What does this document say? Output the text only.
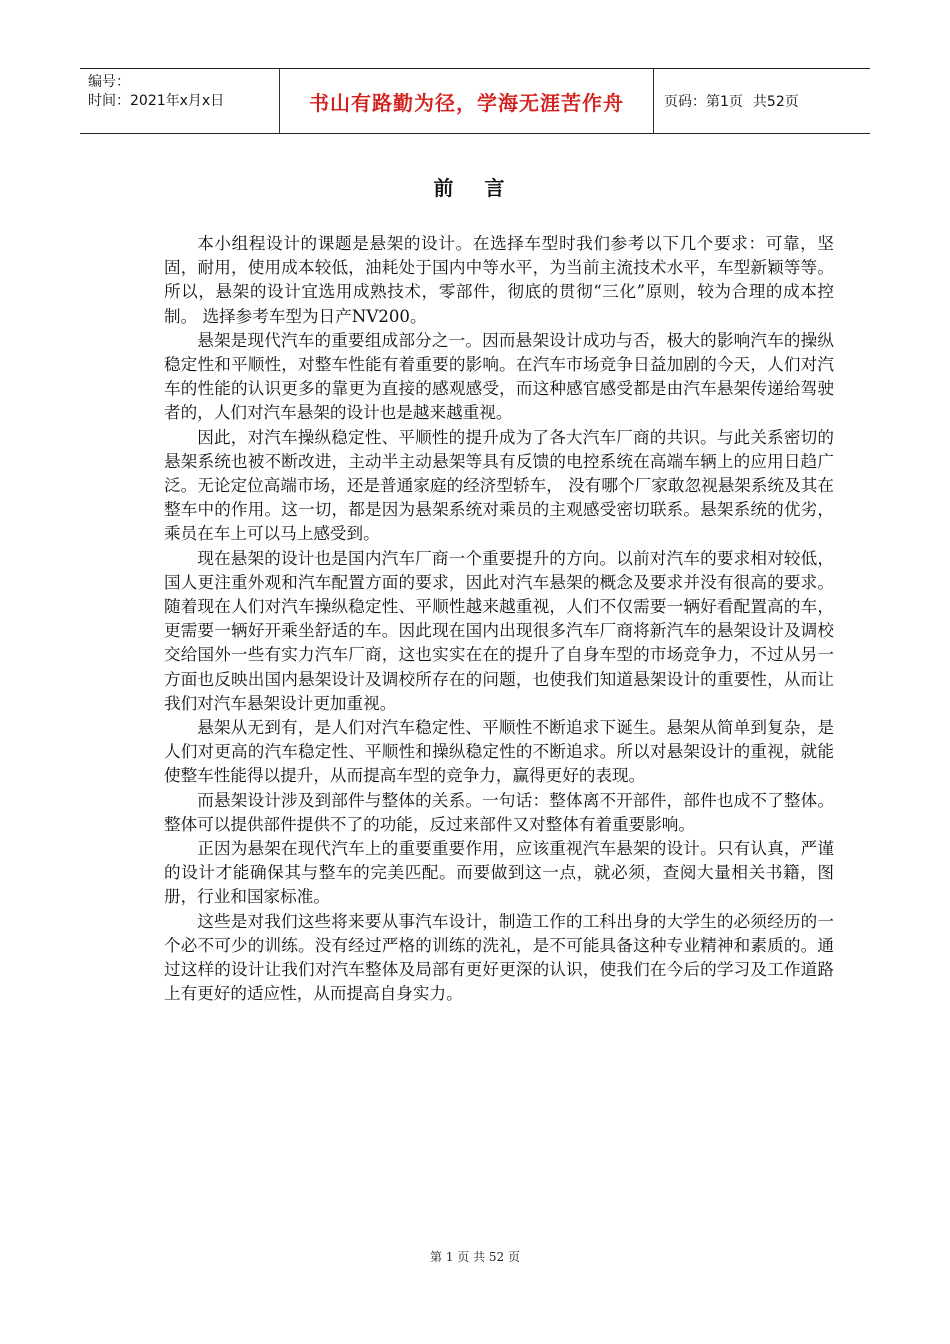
编号：
时间：2021年x月x日	书山有路勤为径，学海无涯苦作舟	页码：第1页 共52页
前 言

本小组程设计的课题是悬架的设计。在选择车型时我们参考以下几个要求：可靠，坚固，耐用，使用成本较低，油耗处于国内中等水平，为当前主流技术水平，车型新颖等等。所以，悬架的设计宜选用成熟技术，零部件，彻底的贯彻“三化”原则，较为合理的成本控制。 选择参考车型为日产NV200。

悬架是现代汽车的重要组成部分之一。因而悬架设计成功与否，极大的影响汽车的操纵稳定性和平顺性，对整车性能有着重要的影响。在汽车市场竞争日益加剧的今天，人们对汽车的性能的认识更多的靠更为直接的感观感受，而这种感官感受都是由汽车悬架传递给驾驶者的，人们对汽车悬架的设计也是越来越重视。

因此，对汽车操纵稳定性、平顺性的提升成为了各大汽车厂商的共识。与此关系密切的悬架系统也被不断改进，主动半主动悬架等具有反馈的电控系统在高端车辆上的应用日趋广泛。无论定位高端市场，还是普通家庭的经济型轿车， 没有哪个厂家敢忽视悬架系统及其在整车中的作用。这一切，都是因为悬架系统对乘员的主观感受密切联系。悬架系统的优劣，乘员在车上可以马上感受到。

现在悬架的设计也是国内汽车厂商一个重要提升的方向。以前对汽车的要求相对较低，国人更注重外观和汽车配置方面的要求，因此对汽车悬架的概念及要求并没有很高的要求。随着现在人们对汽车操纵稳定性、平顺性越来越重视，人们不仅需要一辆好看配置高的车，更需要一辆好开乘坐舒适的车。因此现在国内出现很多汽车厂商将新汽车的悬架设计及调校交给国外一些有实力汽车厂商，这也实实在在的提升了自身车型的市场竞争力，不过从另一方面也反映出国内悬架设计及调校所存在的问题，也使我们知道悬架设计的重要性，从而让我们对汽车悬架设计更加重视。

悬架从无到有，是人们对汽车稳定性、平顺性不断追求下诞生。悬架从简单到复杂，是人们对更高的汽车稳定性、平顺性和操纵稳定性的不断追求。所以对悬架设计的重视，就能使整车性能得以提升，从而提高车型的竞争力，赢得更好的表现。

而悬架设计涉及到部件与整体的关系。一句话：整体离不开部件，部件也成不了整体。整体可以提供部件提供不了的功能，反过来部件又对整体有着重要影响。

正因为悬架在现代汽车上的重要重要作用，应该重视汽车悬架的设计。只有认真，严谨的设计才能确保其与整车的完美匹配。而要做到这一点，就必须，查阅大量相关书籍，图册，行业和国家标准。

这些是对我们这些将来要从事汽车设计，制造工作的工科出身的大学生的必须经历的一个必不可少的训练。没有经过严格的训练的洗礼，是不可能具备这种专业精神和素质的。通过这样的设计让我们对汽车整体及局部有更好更深的认识，使我们在今后的学习及工作道路上有更好的适应性，从而提高自身实力。

第 1 页 共 52 页
